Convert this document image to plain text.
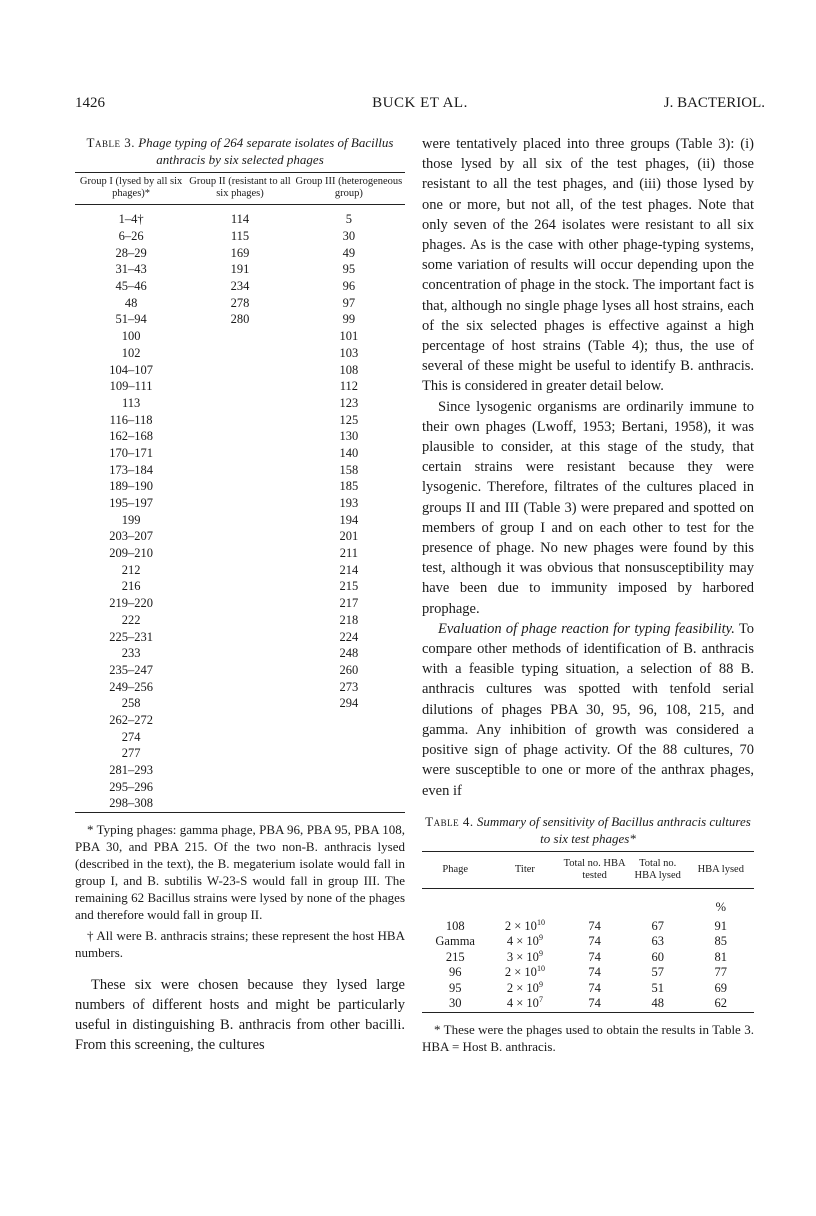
1426	BUCK ET AL.	J. BACTERIOL.
Table 3. Phage typing of 264 separate isolates of Bacillus anthracis by six selected phages
Group I (lysed by all six phages)*	Group II (resistant to all six phages)	Group III (heterogeneous group)
1–4†	114	5
6–26	115	30
28–29	169	49
31–43	191	95
45–46	234	96
48	278	97
51–94	280	99
100		101
102		103
104–107		108
109–111		112
113		123
116–118		125
162–168		130
170–171		140
173–184		158
189–190		185
195–197		193
199		194
203–207		201
209–210		211
212		214
216		215
219–220		217
222		218
225–231		224
233		248
235–247		260
249–256		273
258		294
262–272		
274		
277		
281–293		
295–296		
298–308		

* Typing phages: gamma phage, PBA 96, PBA 95, PBA 108, PBA 30, and PBA 215. Of the two non-B. anthracis lysed (described in the text), the B. megaterium isolate would fall in group I, and B. subtilis W-23-S would fall in group III. The remaining 62 Bacillus strains were lysed by none of the phages and therefore would fall in group II.

† All were B. anthracis strains; these represent the host HBA numbers.

These six were chosen because they lysed large numbers of different hosts and might be particularly useful in distinguishing B. anthracis from other bacilli. From this screening, the cultures

were tentatively placed into three groups (Table 3): (i) those lysed by all six of the test phages, (ii) those resistant to all the test phages, and (iii) those lysed by one or more, but not all, of the test phages. Note that only seven of the 264 isolates were resistant to all six phages. As is the case with other phage-typing systems, some variation of results will occur depending upon the concentration of phage in the stock. The important fact is that, although no single phage lyses all host strains, each of the six selected phages is effective against a high percentage of host strains (Table 4); thus, the use of several of these might be useful to identify B. anthracis. This is considered in greater detail below.

Since lysogenic organisms are ordinarily immune to their own phages (Lwoff, 1953; Bertani, 1958), it was plausible to consider, at this stage of the study, that certain strains were resistant because they were lysogenic. Therefore, filtrates of the cultures placed in groups II and III (Table 3) were prepared and spotted on members of group I and on each other to test for the presence of phage. No new phages were found by this test, although it was obvious that nonsusceptibility may have been due to immunity imposed by harbored prophage.

Evaluation of phage reaction for typing feasibility. To compare other methods of identification of B. anthracis with a feasible typing situation, a selection of 88 B. anthracis cultures was spotted with tenfold serial dilutions of phages PBA 30, 95, 96, 108, 215, and gamma. Any inhibition of growth was considered a positive sign of phage activity. Of the 88 cultures, 70 were susceptible to one or more of the anthrax phages, even if

Table 4. Summary of sensitivity of Bacillus anthracis cultures to six test phages*
Phage	Titer	Total no. HBA tested	Total no. HBA lysed	HBA lysed
				%
108	$2 \times 10^{10}$	74	67	91
Gamma	$4 \times 10^9$	74	63	85
215	$3 \times 10^9$	74	60	81
96	$2 \times 10^{10}$	74	57	77
95	$2 \times 10^9$	74	51	69
30	$4 \times 10^7$	74	48	62

* These were the phages used to obtain the results in Table 3. HBA = Host B. anthracis.
